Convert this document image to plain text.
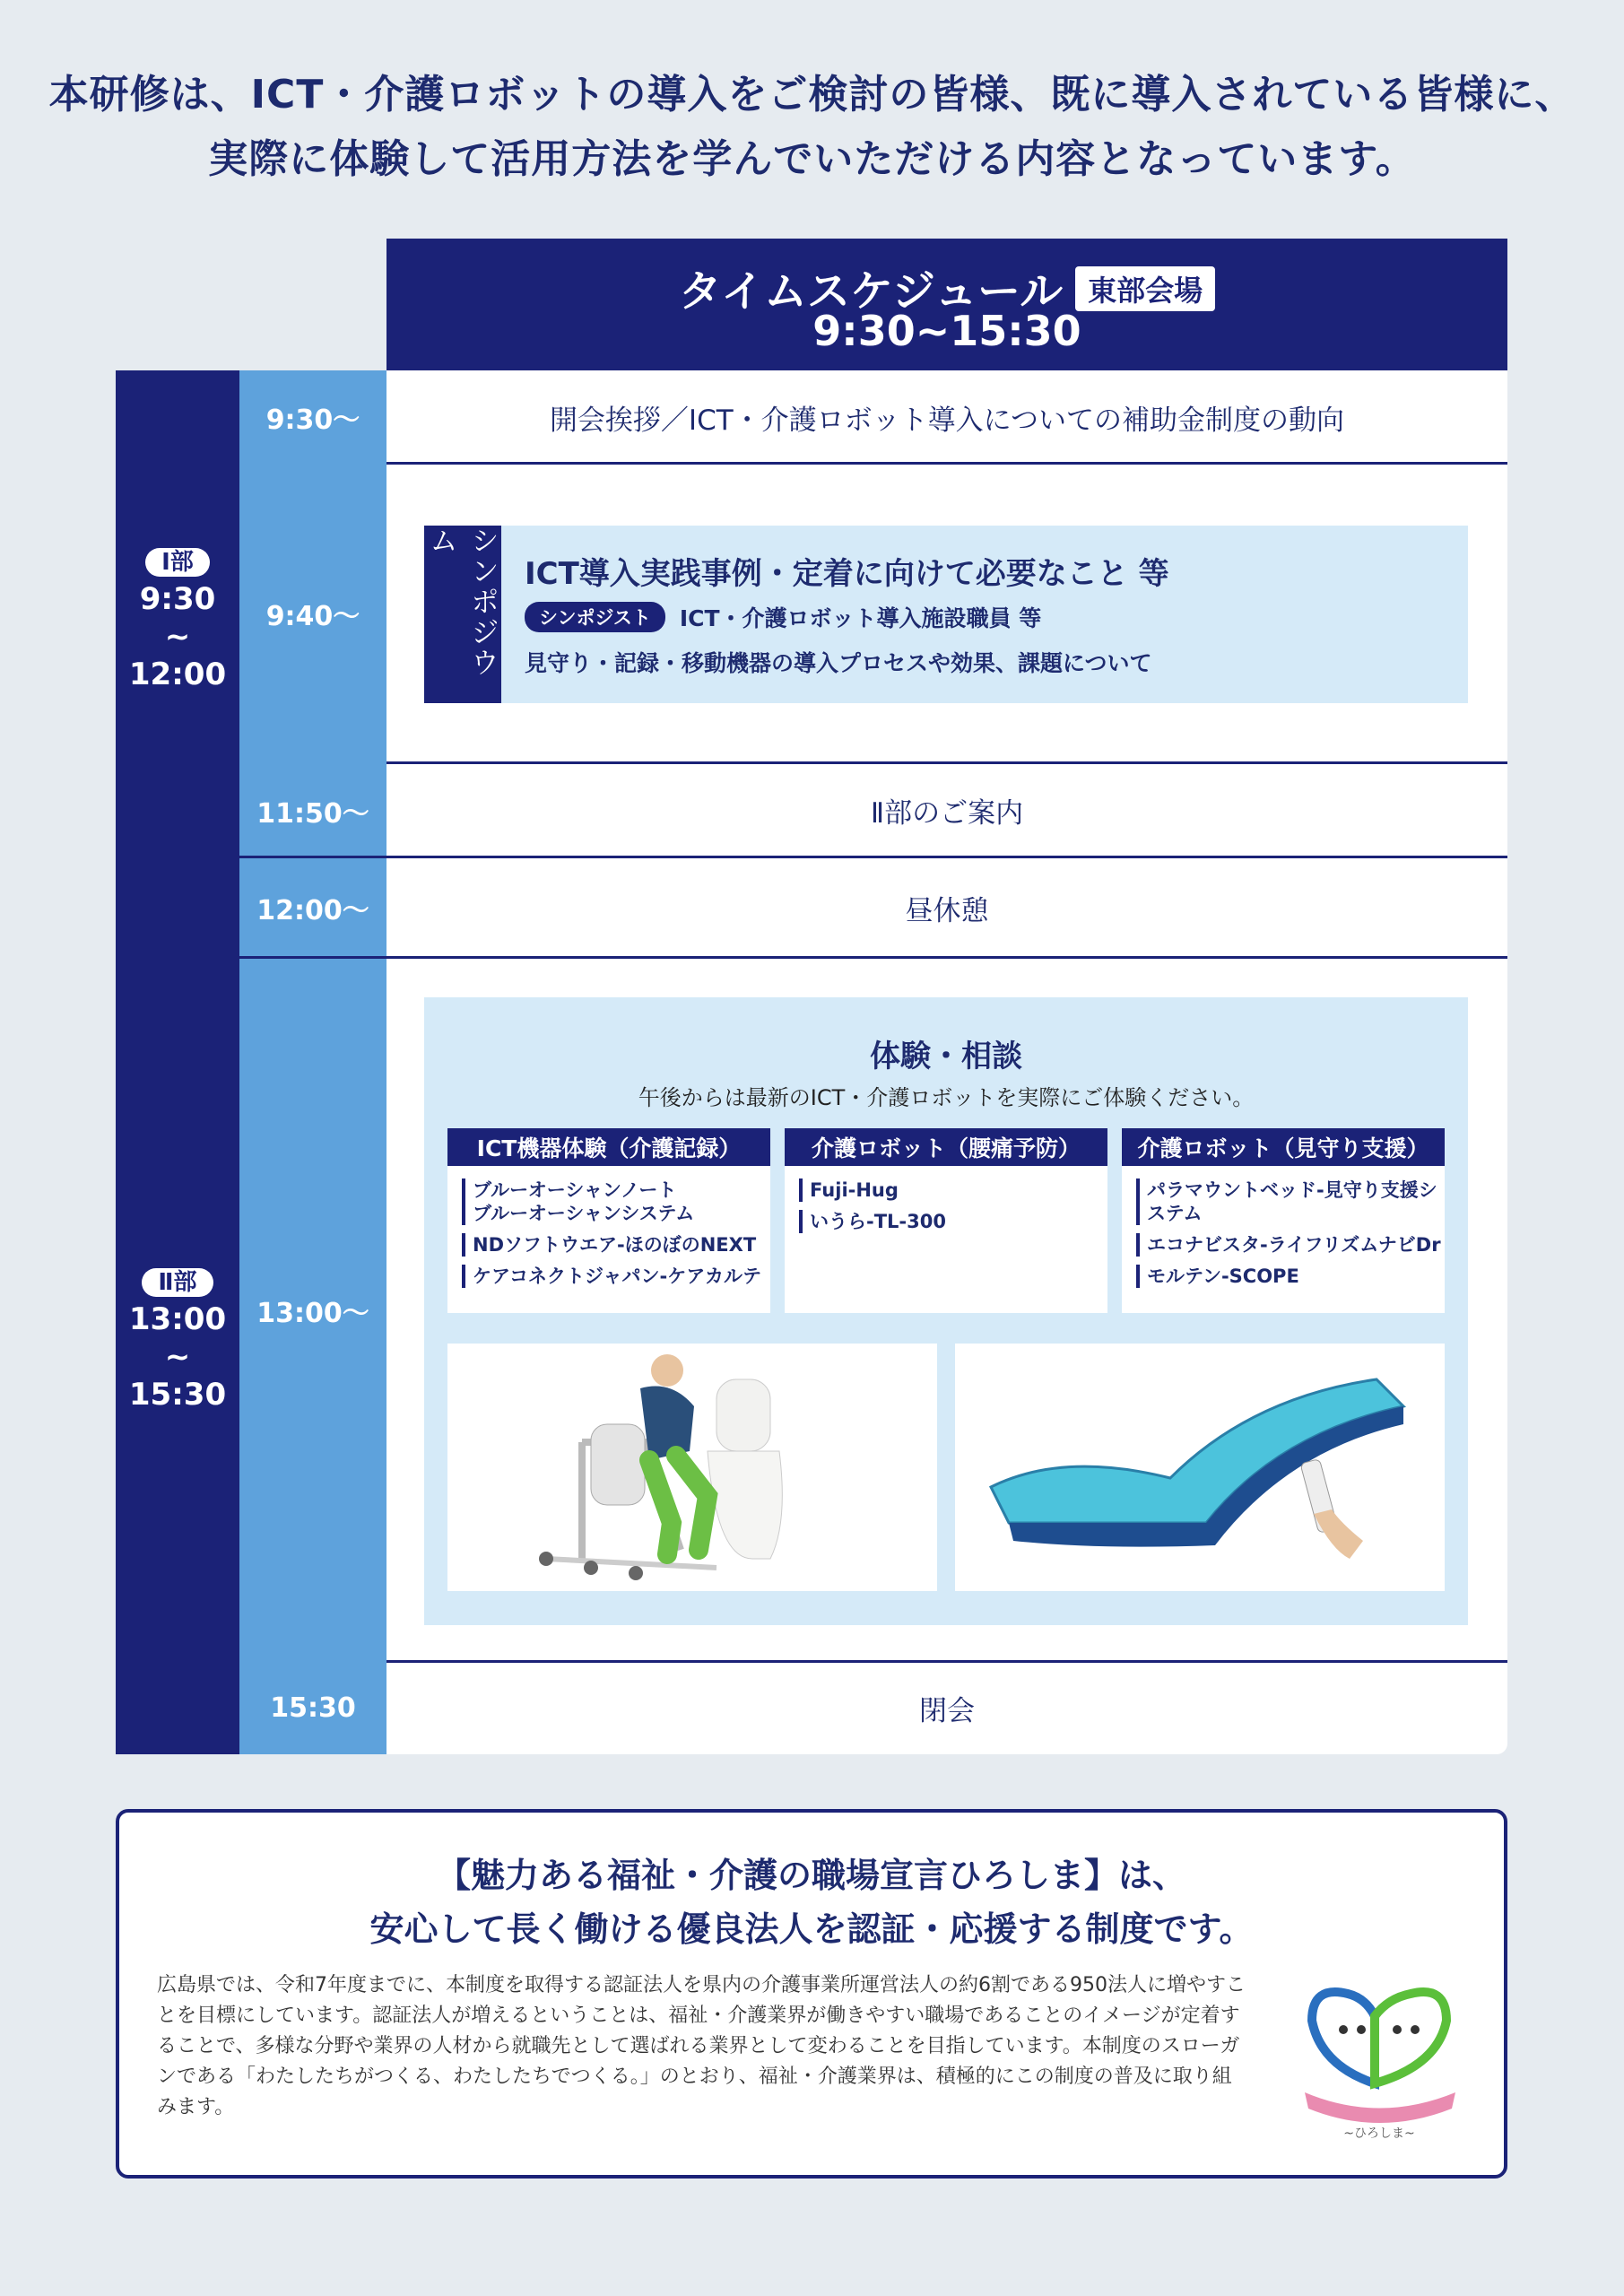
本研修は、ICT・介護ロボットの導入をご検討の皆様、既に導入されている皆様に、
実際に体験して活用方法を学んでいただける内容となっています。
タイムスケジュール 東部会場
9:30~15:30
Ⅰ部
9:30
~
12:00
Ⅱ部
13:00
~
15:30
9:30〜
9:40〜
11:50〜
12:00〜
13:00〜
15:30
開会挨拶／ICT・介護ロボット導入についての補助金制度の動向
Ⅱ部のご案内
昼休憩
閉会
シンポジウム
ICT導入実践事例・定着に向けて必要なこと 等
シンポジスト	ICT・介護ロボット導入施設職員 等
見守り・記録・移動機器の導入プロセスや効果、課題について
体験・相談
午後からは最新のICT・介護ロボットを実際にご体験ください。
ICT機器体験（介護記録）
ブルーオーシャンノート
ブルーオーシャンシステム
NDソフトウエア-ほのぼのNEXT
ケアコネクトジャパン-ケアカルテ
介護ロボット（腰痛予防）
Fuji-Hug
いうら-TL-300
介護ロボット（見守り支援）
パラマウントベッド-見守り支援システム
エコナビスタ-ライフリズムナビDr
モルテン-SCOPE
【魅力ある福祉・介護の職場宣言ひろしま】は、
安心して長く働ける優良法人を認証・応援する制度です。
広島県では、令和7年度までに、本制度を取得する認証法人を県内の介護事業所運営法人の約6割である950法人に増やすことを目標にしています。認証法人が増えるということは、福祉・介護業界が働きやすい職場であることのイメージが定着することで、多様な分野や業界の人材から就職先として選ばれる業界として変わることを目指しています。本制度のスローガンである「わたしたちがつくる、わたしたちでつくる。」のとおり、福祉・介護業界は、積極的にこの制度の普及に取り組みます。
~ひろしま~
